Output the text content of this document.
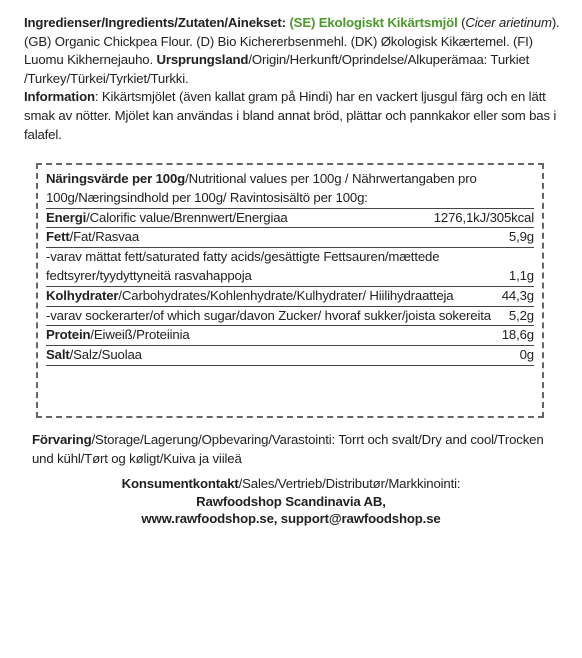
Ingredienser/Ingredients/Zutaten/Ainekset: (SE) Ekologiskt Kikärtsmjöl (Cicer arietinum). (GB) Organic Chickpea Flour. (D) Bio Kichererbsenmehl. (DK) Økologisk Kikærtemel. (FI) Luomu Kikhernejauho. Ursprungsland/Origin/Herkunft/Oprindelse/Alkuperämaa: Turkiet /Turkey/Türkei/Tyrkiet/Turkki.
Information: Kikärtsmjölet (även kallat gram på Hindi) har en vackert ljusgul färg och en lätt smak av nötter. Mjölet kan användas i bland annat bröd, plättar och pannkakor eller som bas i falafel.
Näringsvärde per 100g/Nutritional values per 100g / Nährwertangaben pro 100g/Næringsindhold per 100g/ Ravintosisältö per 100g:
Energi/Calorific value/Brennwert/Energiaa	1276,1kJ/305kcal
Fett/Fat/Rasvaa	5,9g
-varav mättat fett/saturated fatty acids/gesättigte Fettsauren/mættede fedtsyrer/tyydyttyneitä rasvahappoja	1,1g
Kolhydrater/Carbohydrates/Kohlenhydrate/Kulhydrater/ Hiilihydraatteja	44,3g
-varav sockerarter/of which sugar/davon Zucker/ hvoraf sukker/joista sokereita	5,2g
Protein/Eiweiß/Proteiinia	18,6g
Salt/Salz/Suolaa	0g
Förvaring/Storage/Lagerung/Opbevaring/Varastointi: Torrt och svalt/Dry and cool/Trocken und kühl/Tørt og køligt/Kuiva ja viileä
Konsumentkontakt/Sales/Vertrieb/Distributør/Markkinointi:
Rawfoodshop Scandinavia AB,
www.rawfoodshop.se, support@rawfoodshop.se
